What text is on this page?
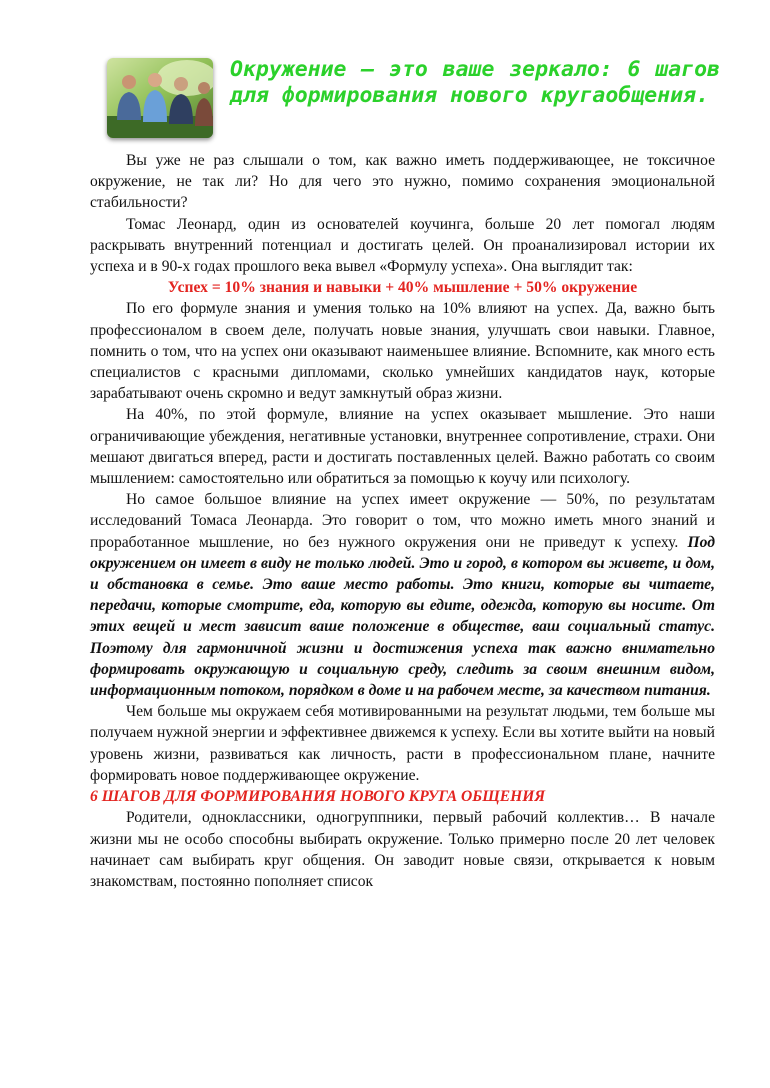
Окружение – это ваше зеркало: 6 шагов для формирования нового кругаобщения.

Вы уже не раз слышали о том, как важно иметь поддерживающее, не токсичное окружение, не так ли? Но для чего это нужно, помимо сохранения эмоциональной стабильности?

Томас Леонард, один из основателей коучинга, больше 20 лет помогал людям раскрывать внутренний потенциал и достигать целей. Он проанализировал истории их успеха и в 90-х годах прошлого века вывел «Формулу успеха». Она выглядит так:

Успех = 10% знания и навыки + 40% мышление + 50% окружение

По его формуле знания и умения только на 10% влияют на успех. Да, важно быть профессионалом в своем деле, получать новые знания, улучшать свои навыки. Главное, помнить о том, что на успех они оказывают наименьшее влияние. Вспомните, как много есть специалистов с красными дипломами, сколько умнейших кандидатов наук, которые зарабатывают очень скромно и ведут замкнутый образ жизни.

На 40%, по этой формуле, влияние на успех оказывает мышление. Это наши ограничивающие убеждения, негативные установки, внутреннее сопротивление, страхи. Они мешают двигаться вперед, расти и достигать поставленных целей. Важно работать со своим мышлением: самостоятельно или обратиться за помощью к коучу или психологу.

Но самое большое влияние на успех имеет окружение — 50%, по результатам исследований Томаса Леонарда. Это говорит о том, что можно иметь много знаний и проработанное мышление, но без нужного окружения они не приведут к успеху. Под окружением он имеет в виду не только людей. Это и город, в котором вы живете, и дом, и обстановка в семье. Это ваше место работы. Это книги, которые вы читаете, передачи, которые смотрите, еда, которую вы едите, одежда, которую вы носите. От этих вещей и мест зависит ваше положение в обществе, ваш социальный статус. Поэтому для гармоничной жизни и достижения успеха так важно внимательно формировать окружающую и социальную среду, следить за своим внешним видом, информационным потоком, порядком в доме и на рабочем месте, за качеством питания.

Чем больше мы окружаем себя мотивированными на результат людьми, тем больше мы получаем нужной энергии и эффективнее движемся к успеху. Если вы хотите выйти на новый уровень жизни, развиваться как личность, расти в профессиональном плане, начните формировать новое поддерживающее окружение.

6 ШАГОВ ДЛЯ ФОРМИРОВАНИЯ НОВОГО КРУГА ОБЩЕНИЯ

Родители, одноклассники, одногруппники, первый рабочий коллектив… В начале жизни мы не особо способны выбирать окружение. Только примерно после 20 лет человек начинает сам выбирать круг общения. Он заводит новые связи, открывается к новым знакомствам, постоянно пополняет список
